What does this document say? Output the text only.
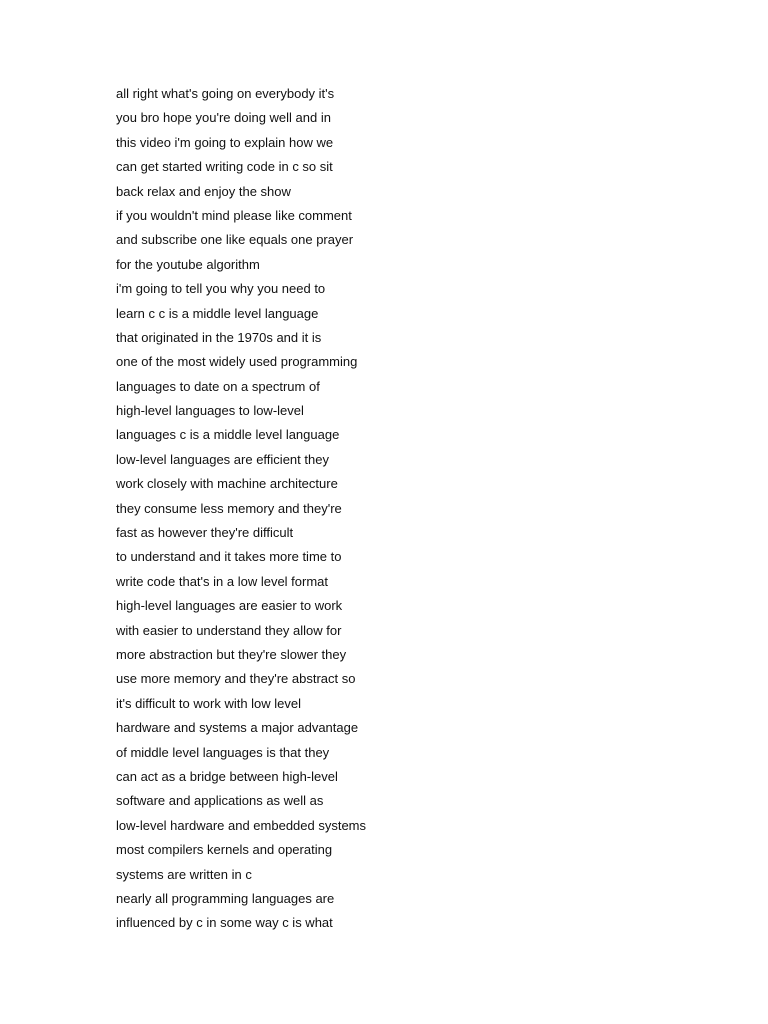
all right what's going on everybody it's
you bro hope you're doing well and in
this video i'm going to explain how we
can get started writing code in c so sit
back relax and enjoy the show
if you wouldn't mind please like comment
and subscribe one like equals one prayer
for the youtube algorithm
i'm going to tell you why you need to
learn c c is a middle level language
that originated in the 1970s and it is
one of the most widely used programming
languages to date on a spectrum of
high-level languages to low-level
languages c is a middle level language
low-level languages are efficient they
work closely with machine architecture
they consume less memory and they're
fast as however they're difficult
to understand and it takes more time to
write code that's in a low level format
high-level languages are easier to work
with easier to understand they allow for
more abstraction but they're slower they
use more memory and they're abstract so
it's difficult to work with low level
hardware and systems a major advantage
of middle level languages is that they
can act as a bridge between high-level
software and applications as well as
low-level hardware and embedded systems
most compilers kernels and operating
systems are written in c
nearly all programming languages are
influenced by c in some way c is what
